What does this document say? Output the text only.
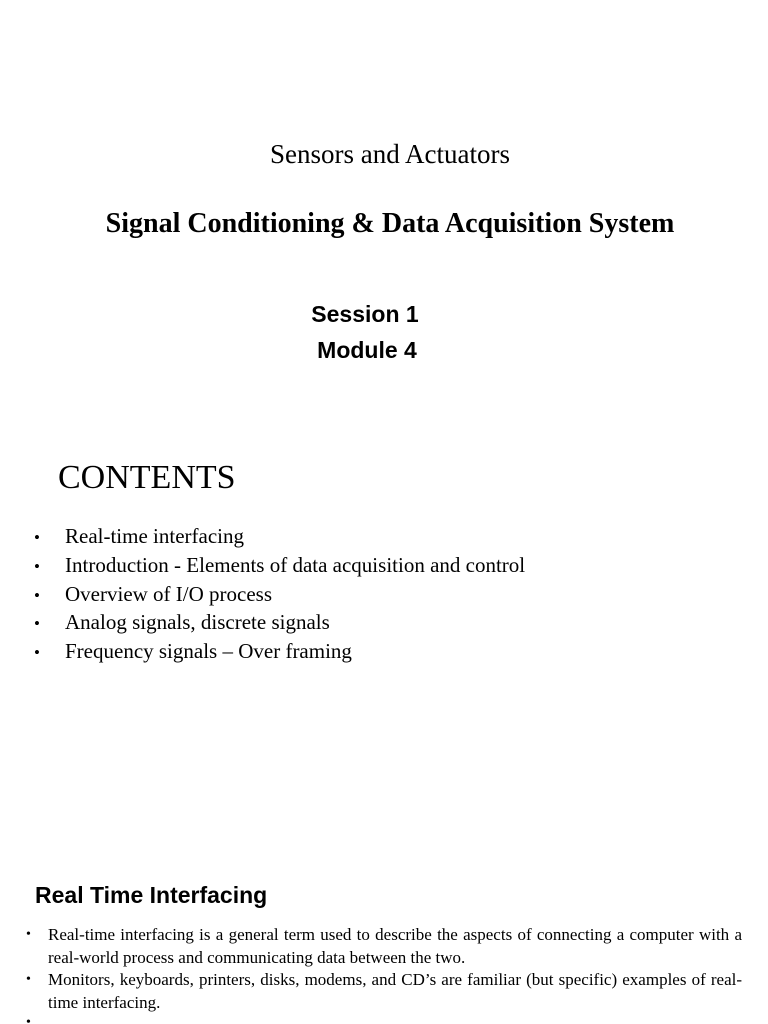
Sensors and Actuators
Signal Conditioning & Data Acquisition System
Session 1
Module 4
CONTENTS
•	Real-time interfacing
•	Introduction - Elements of data acquisition and control
•	Overview of I/O process
•	Analog signals, discrete signals
•	Frequency signals – Over framing
Real Time Interfacing
•	Real-time interfacing is a general term used to describe the aspects of connecting a computer with a real-world process and communicating data between the two.
•	Monitors, keyboards, printers, disks, modems, and CD’s are familiar (but specific) examples of real-time interfacing.
•
